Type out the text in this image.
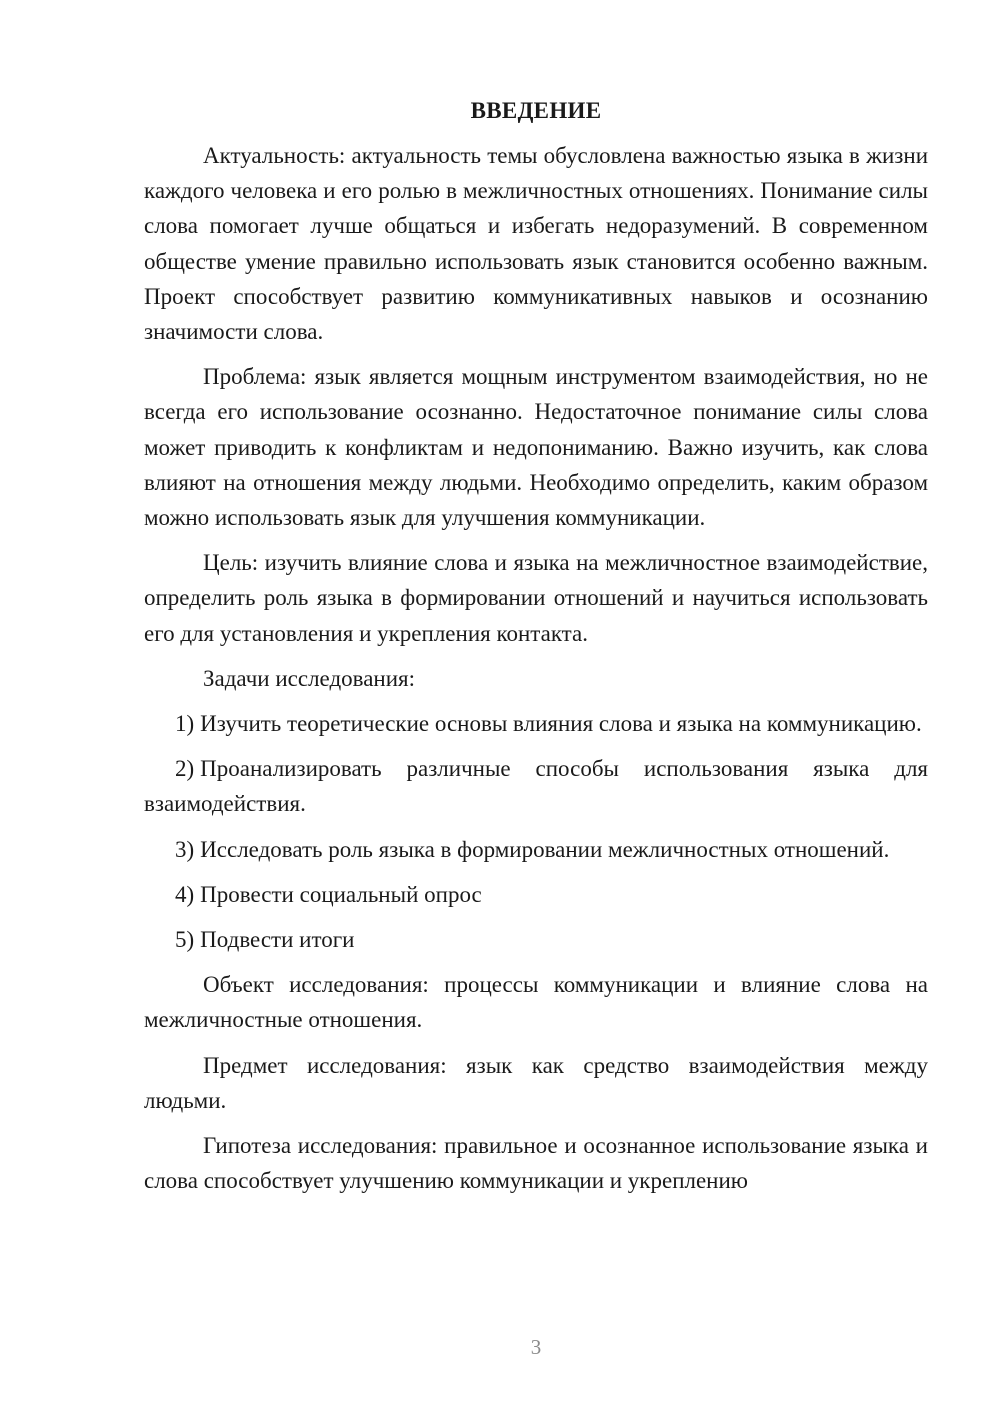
ВВЕДЕНИЕ

Актуальность: актуальность темы обусловлена важностью языка в жизни каждого человека и его ролью в межличностных отношениях. Понимание силы слова помогает лучше общаться и избегать недоразумений. В современном обществе умение правильно использовать язык становится особенно важным. Проект способствует развитию коммуникативных навыков и осознанию значимости слова.

Проблема: язык является мощным инструментом взаимодействия, но не всегда его использование осознанно. Недостаточное понимание силы слова может приводить к конфликтам и недопониманию. Важно изучить, как слова влияют на отношения между людьми. Необходимо определить, каким образом можно использовать язык для улучшения коммуникации.

Цель: изучить влияние слова и языка на межличностное взаимодействие, определить роль языка в формировании отношений и научиться использовать его для установления и укрепления контакта.

Задачи исследования:

1) Изучить теоретические основы влияния слова и языка на коммуникацию.
2) Проанализировать различные способы использования языка для взаимодействия.
3) Исследовать роль языка в формировании межличностных отношений.
4) Провести социальный опрос
5) Подвести итоги

Объект исследования: процессы коммуникации и влияние слова на межличностные отношения.

Предмет исследования: язык как средство взаимодействия между людьми.

Гипотеза исследования: правильное и осознанное использование языка и слова способствует улучшению коммуникации и укреплению

3
